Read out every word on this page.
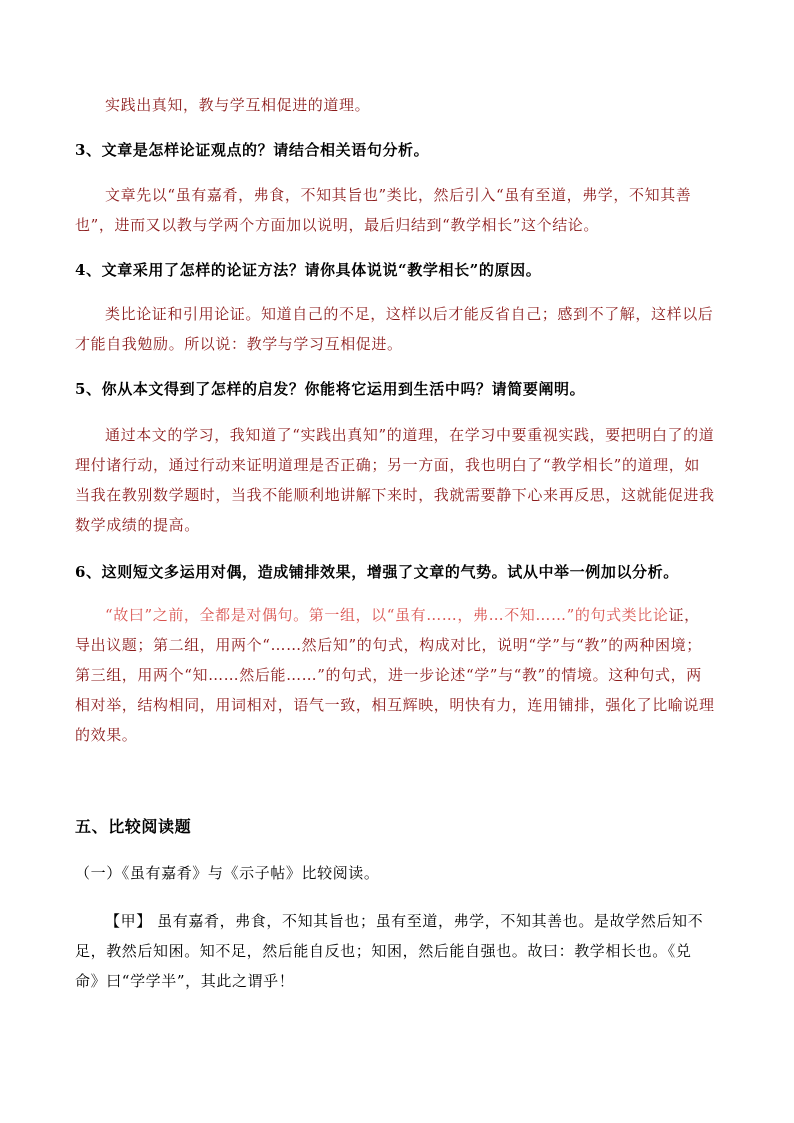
实践出真知，教与学互相促进的道理。
3、文章是怎样论证观点的？请结合相关语句分析。
文章先以“虽有嘉肴，弗食，不知其旨也”类比，然后引入“虽有至道，弗学，不知其善也”，进而又以教与学两个方面加以说明，最后归结到“教学相长”这个结论。
4、文章采用了怎样的论证方法？请你具体说说“教学相长”的原因。
类比论证和引用论证。知道自己的不足，这样以后才能反省自己；感到不了解，这样以后才能自我勉励。所以说：教学与学习互相促进。
5、你从本文得到了怎样的启发？你能将它运用到生活中吗？请简要阐明。
通过本文的学习，我知道了“实践出真知”的道理，在学习中要重视实践，要把明白了的道理付诸行动，通过行动来证明道理是否正确；另一方面，我也明白了“教学相长”的道理，如当我在教别数学题时，当我不能顺利地讲解下来时，我就需要静下心来再反思，这就能促进我数学成绩的提高。
6、这则短文多运用对偶，造成铺排效果，增强了文章的气势。试从中举一例加以分析。
“故曰”之前，全都是对偶句。第一组，以“虽有……，弗…不知……”的句式类比论证，导出议题；第二组，用两个“……然后知”的句式，构成对比，说明“学”与“教”的两种困境；第三组，用两个“知……然后能……”的句式，进一步论述“学”与“教”的情境。这种句式，两相对举，结构相同，用词相对，语气一致，相互辉映，明快有力，连用铺排，强化了比喻说理的效果。
五、比较阅读题
（一）《虽有嘉肴》与《示子帖》比较阅读。
【甲】 虽有嘉肴，弗食，不知其旨也；虽有至道，弗学，不知其善也。是故学然后知不足，教然后知困。知不足，然后能自反也；知困，然后能自强也。故曰：教学相长也。《兑命》曰“学学半”，其此之谓乎！
